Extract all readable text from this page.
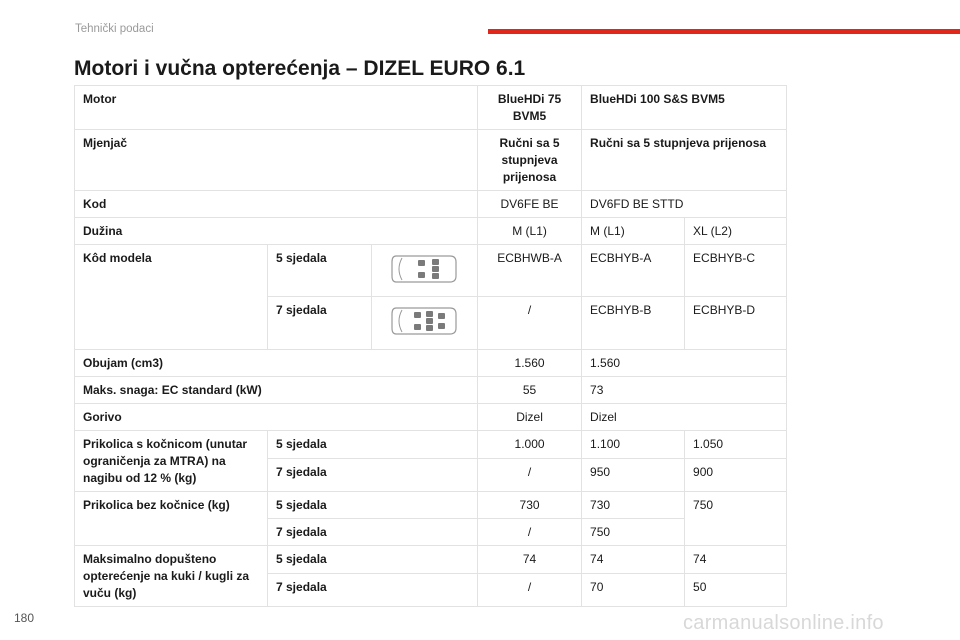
Tehnički podaci
Motori i vučna opterećenja – DIZEL EURO 6.1
Motor			BlueHDi 75 BVM5	BlueHDi 100 S&S BVM5	
Mjenjač			Ručni sa 5 stupnjeva prijenosa	Ručni sa 5 stupnjeva prijenosa	
Kod			DV6FE BE	DV6FD BE STTD	
Dužina			M (L1)	M (L1)	XL (L2)
Kôd modela	5 sjedala		ECBHWB-A	ECBHYB-A	ECBHYB-C
	7 sjedala		/	ECBHYB-B	ECBHYB-D
Obujam (cm3)			1.560	1.560	
Maks. snaga: EC standard (kW)			55	73	
Gorivo			Dizel	Dizel	
Prikolica s kočnicom (unutar ograničenja za MTRA) na nagibu od 12 % (kg)	5 sjedala		1.000	1.100	1.050
	7 sjedala		/	950	900
Prikolica bez kočnice (kg)	5 sjedala		730	730	750
	7 sjedala		/	750	
Maksimalno dopušteno opterećenje na kuki / kugli za vuču (kg)	5 sjedala		74	74	74
	7 sjedala		/	70	50
180	carmanualsonline.info
